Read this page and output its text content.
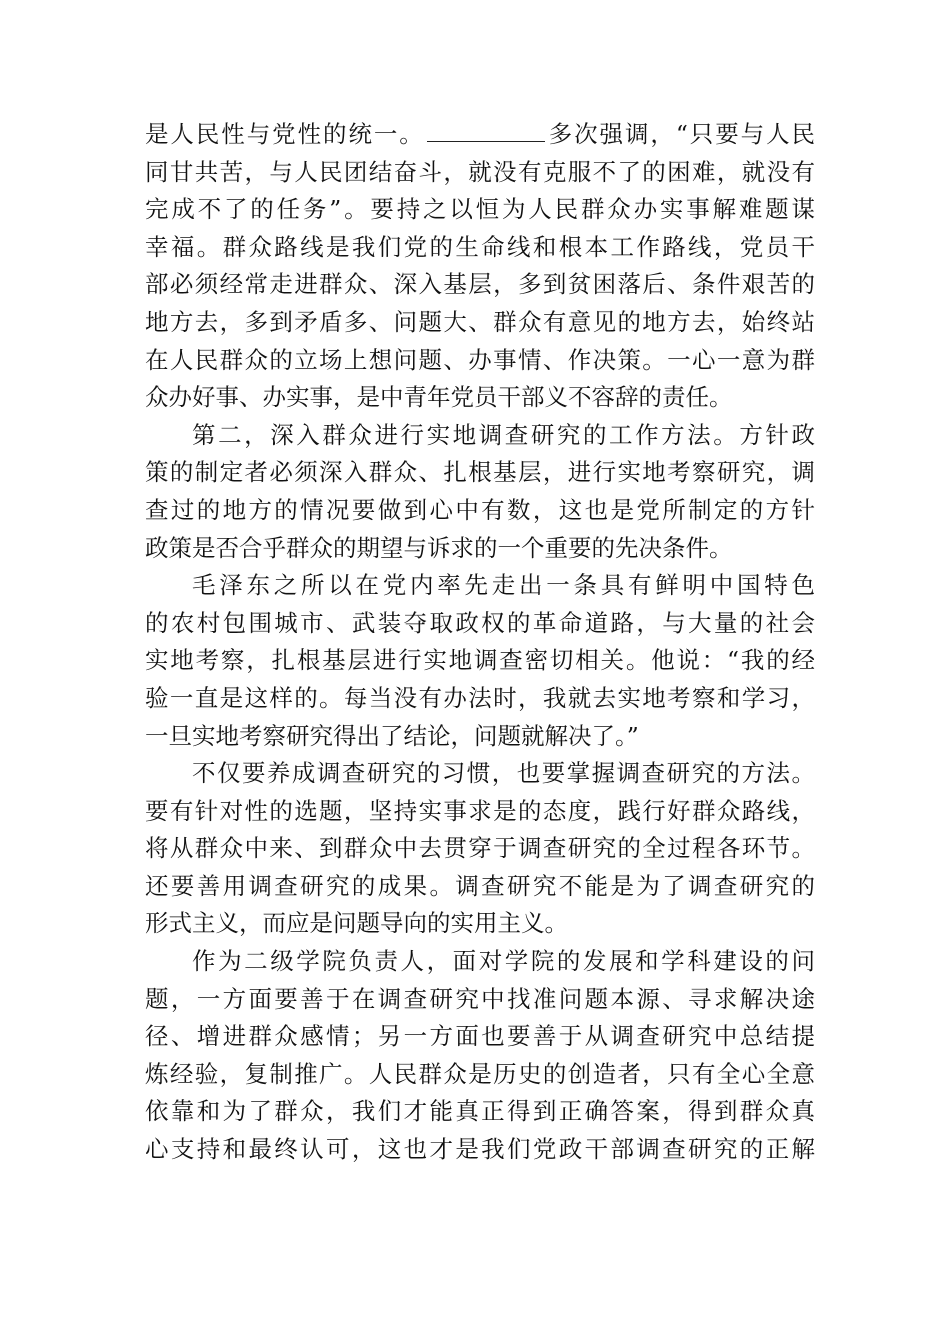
是人民性与党性的统一。	多次强调，“只要与人民
同甘共苦，与人民团结奋斗，就没有克服不了的困难，就没有
完成不了的任务”。要持之以恒为人民群众办实事解难题谋
幸福。群众路线是我们党的生命线和根本工作路线，党员干
部必须经常走进群众、深入基层，多到贫困落后、条件艰苦的
地方去，多到矛盾多、问题大、群众有意见的地方去，始终站
在人民群众的立场上想问题、办事情、作决策。一心一意为群
众办好事、办实事，是中青年党员干部义不容辞的责任。
第二，深入群众进行实地调查研究的工作方法。方针政
策的制定者必须深入群众、扎根基层，进行实地考察研究，调
查过的地方的情况要做到心中有数，这也是党所制定的方针
政策是否合乎群众的期望与诉求的一个重要的先决条件。
毛泽东之所以在党内率先走出一条具有鲜明中国特色
的农村包围城市、武装夺取政权的革命道路，与大量的社会
实地考察，扎根基层进行实地调查密切相关。他说：“我的经
验一直是这样的。每当没有办法时，我就去实地考察和学习，
一旦实地考察研究得出了结论，问题就解决了。”
不仅要养成调查研究的习惯，也要掌握调查研究的方法。
要有针对性的选题，坚持实事求是的态度，践行好群众路线，
将从群众中来、到群众中去贯穿于调查研究的全过程各环节。
还要善用调查研究的成果。调查研究不能是为了调查研究的
形式主义，而应是问题导向的实用主义。
作为二级学院负责人，面对学院的发展和学科建设的问
题，一方面要善于在调查研究中找准问题本源、寻求解决途
径、增进群众感情；另一方面也要善于从调查研究中总结提
炼经验，复制推广。人民群众是历史的创造者，只有全心全意
依靠和为了群众，我们才能真正得到正确答案，得到群众真
心支持和最终认可，这也才是我们党政干部调查研究的正解
